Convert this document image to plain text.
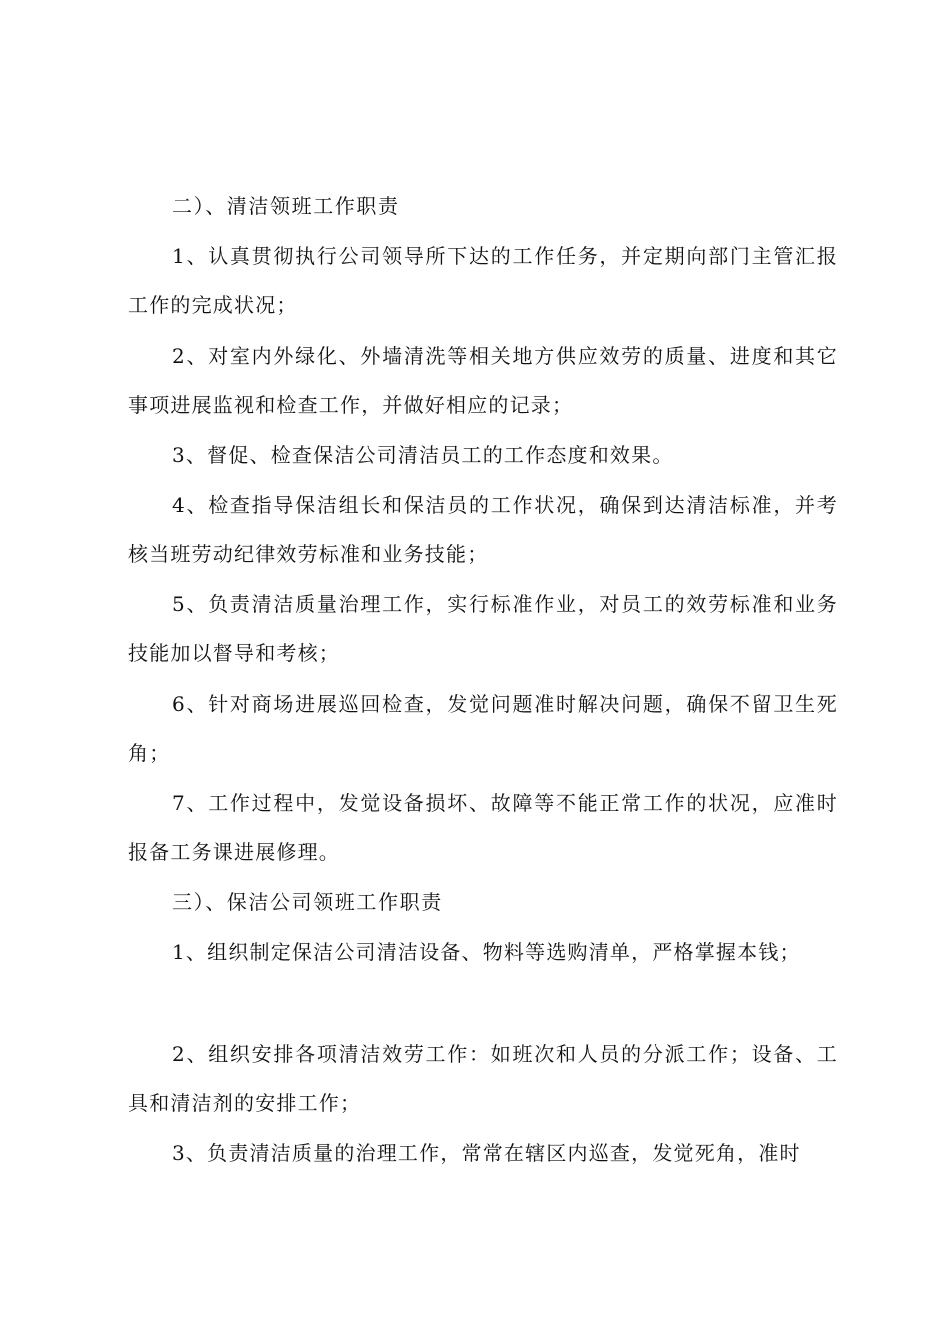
二）、清洁领班工作职责

1、认真贯彻执行公司领导所下达的工作任务，并定期向部门主管汇报工作的完成状况；

2、对室内外绿化、外墙清洗等相关地方供应效劳的质量、进度和其它事项进展监视和检查工作，并做好相应的记录；

3、督促、检查保洁公司清洁员工的工作态度和效果。

4、检查指导保洁组长和保洁员的工作状况，确保到达清洁标准，并考核当班劳动纪律效劳标准和业务技能；

5、负责清洁质量治理工作，实行标准作业，对员工的效劳标准和业务技能加以督导和考核；

6、针对商场进展巡回检查，发觉问题准时解决问题，确保不留卫生死角；

7、工作过程中，发觉设备损坏、故障等不能正常工作的状况，应准时报备工务课进展修理。

三）、保洁公司领班工作职责

1、组织制定保洁公司清洁设备、物料等选购清单，严格掌握本钱；

2、组织安排各项清洁效劳工作：如班次和人员的分派工作；设备、工具和清洁剂的安排工作；

3、负责清洁质量的治理工作，常常在辖区内巡查，发觉死角，准时
